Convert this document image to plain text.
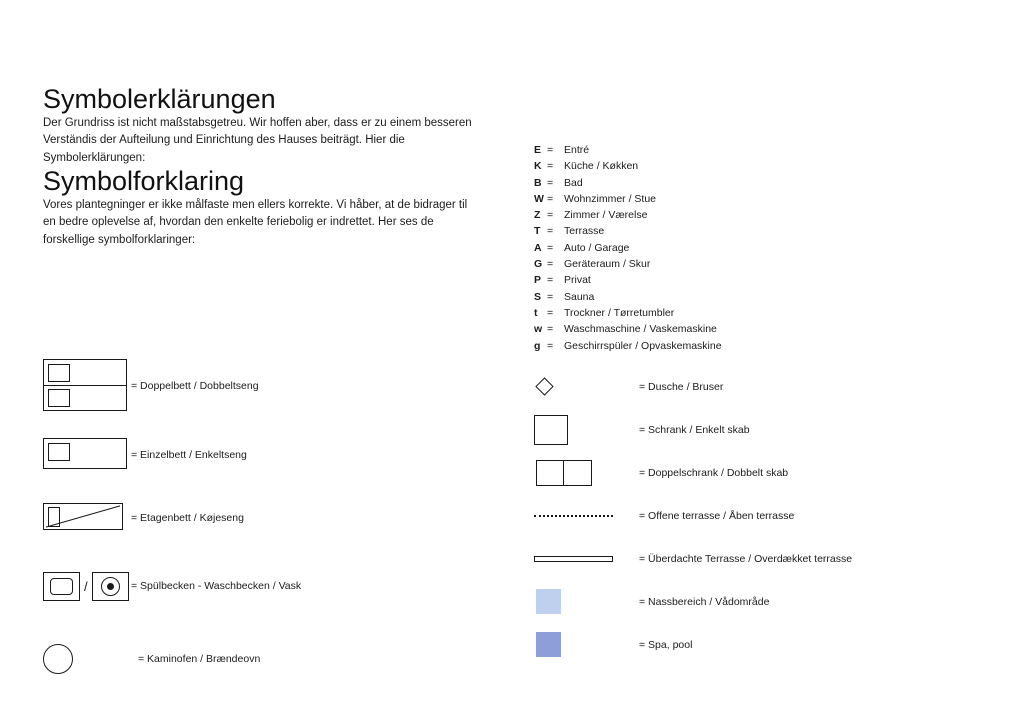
Symbolerklärungen

Der Grundriss ist nicht maßstabsgetreu. Wir hoffen aber, dass er zu einem besseren Verständis der Aufteilung und Einrichtung des Hauses beiträgt. Hier die Symbolerklärungen:

Symbolforklaring

Vores plantegninger er ikke målfaste men ellers korrekte. Vi håber, at de bidrager til en bedre oplevelse af, hvordan den enkelte feriebolig er indrettet. Her ses de forskellige symbolforklaringer:

E =	Entré
K =	Küche / Køkken
B =	Bad
W =	Wohnzimmer / Stue
Z =	Zimmer / Værelse
T =	Terrasse
A =	Auto / Garage
G =	Geräteraum / Skur
P =	Privat
S =	Sauna
t =	Trockner / Tørretumbler
w =	Waschmaschine / Vaskemaskine
g =	Geschirrspüler / Opvaskemaskine
= Doppelbett / Dobbeltseng
= Einzelbett / Enkeltseng
= Etagenbett / Køjeseng
/	= Spülbecken - Waschbecken / Vask
= Kaminofen / Brændeovn
= Dusche / Bruser
= Schrank / Enkelt skab
= Doppelschrank / Dobbelt skab
= Offene terrasse / Åben terrasse
= Überdachte Terrasse / Overdækket terrasse
= Nassbereich / Vådområde
= Spa, pool
